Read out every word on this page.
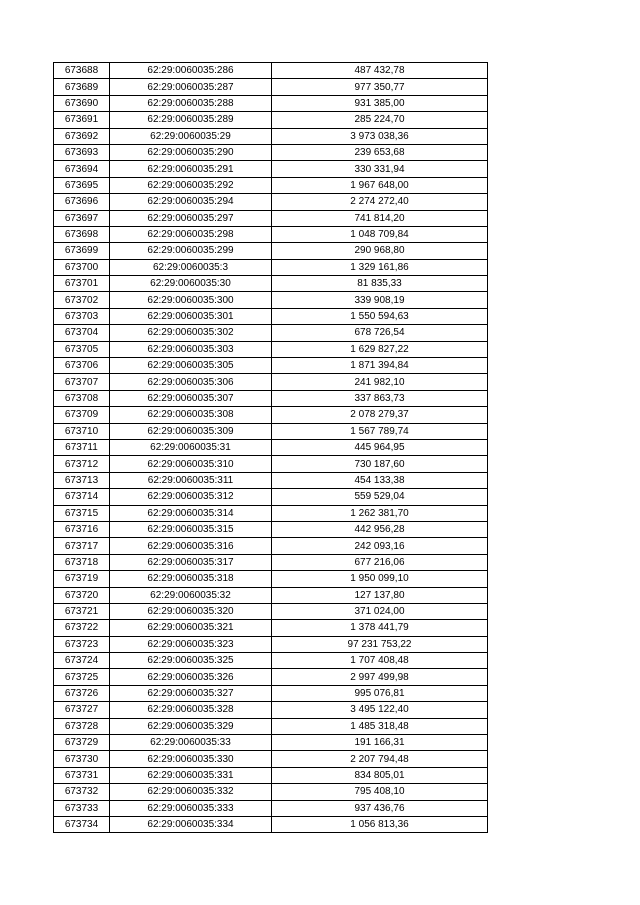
673688	62:29:0060035:286	487 432,78
673689	62:29:0060035:287	977 350,77
673690	62:29:0060035:288	931 385,00
673691	62:29:0060035:289	285 224,70
673692	62:29:0060035:29	3 973 038,36
673693	62:29:0060035:290	239 653,68
673694	62:29:0060035:291	330 331,94
673695	62:29:0060035:292	1 967 648,00
673696	62:29:0060035:294	2 274 272,40
673697	62:29:0060035:297	741 814,20
673698	62:29:0060035:298	1 048 709,84
673699	62:29:0060035:299	290 968,80
673700	62:29:0060035:3	1 329 161,86
673701	62:29:0060035:30	81 835,33
673702	62:29:0060035:300	339 908,19
673703	62:29:0060035:301	1 550 594,63
673704	62:29:0060035:302	678 726,54
673705	62:29:0060035:303	1 629 827,22
673706	62:29:0060035:305	1 871 394,84
673707	62:29:0060035:306	241 982,10
673708	62:29:0060035:307	337 863,73
673709	62:29:0060035:308	2 078 279,37
673710	62:29:0060035:309	1 567 789,74
673711	62:29:0060035:31	445 964,95
673712	62:29:0060035:310	730 187,60
673713	62:29:0060035:311	454 133,38
673714	62:29:0060035:312	559 529,04
673715	62:29:0060035:314	1 262 381,70
673716	62:29:0060035:315	442 956,28
673717	62:29:0060035:316	242 093,16
673718	62:29:0060035:317	677 216,06
673719	62:29:0060035:318	1 950 099,10
673720	62:29:0060035:32	127 137,80
673721	62:29:0060035:320	371 024,00
673722	62:29:0060035:321	1 378 441,79
673723	62:29:0060035:323	97 231 753,22
673724	62:29:0060035:325	1 707 408,48
673725	62:29:0060035:326	2 997 499,98
673726	62:29:0060035:327	995 076,81
673727	62:29:0060035:328	3 495 122,40
673728	62:29:0060035:329	1 485 318,48
673729	62:29:0060035:33	191 166,31
673730	62:29:0060035:330	2 207 794,48
673731	62:29:0060035:331	834 805,01
673732	62:29:0060035:332	795 408,10
673733	62:29:0060035:333	937 436,76
673734	62:29:0060035:334	1 056 813,36
